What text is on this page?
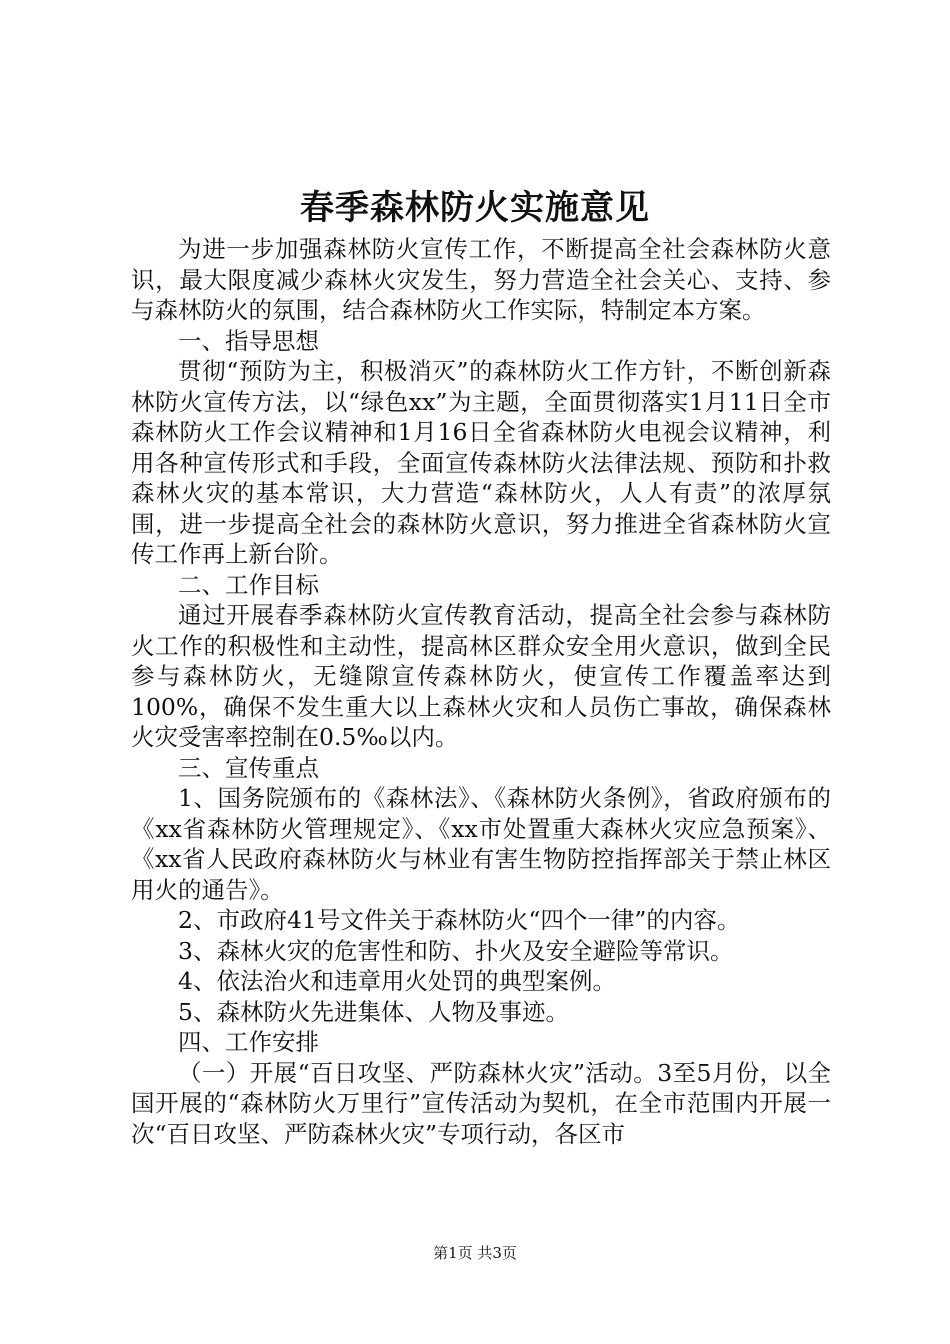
春季森林防火实施意见

为进一步加强森林防火宣传工作，不断提高全社会森林防火意识，最大限度减少森林火灾发生，努力营造全社会关心、支持、参与森林防火的氛围，结合森林防火工作实际，特制定本方案。

一、指导思想

贯彻“预防为主，积极消灭”的森林防火工作方针，不断创新森林防火宣传方法，以“绿色xx”为主题，全面贯彻落实1月11日全市森林防火工作会议精神和1月16日全省森林防火电视会议精神，利用各种宣传形式和手段，全面宣传森林防火法律法规、预防和扑救森林火灾的基本常识，大力营造“森林防火，人人有责”的浓厚氛围，进一步提高全社会的森林防火意识，努力推进全省森林防火宣传工作再上新台阶。

二、工作目标

通过开展春季森林防火宣传教育活动，提高全社会参与森林防火工作的积极性和主动性，提高林区群众安全用火意识，做到全民参与森林防火，无缝隙宣传森林防火，使宣传工作覆盖率达到100%，确保不发生重大以上森林火灾和人员伤亡事故，确保森林火灾受害率控制在0.5‰以内。

三、宣传重点

1、国务院颁布的《森林法》、《森林防火条例》，省政府颁布的《xx省森林防火管理规定》、《xx市处置重大森林火灾应急预案》、《xx省人民政府森林防火与林业有害生物防控指挥部关于禁止林区用火的通告》。

2、市政府41号文件关于森林防火“四个一律”的内容。

3、森林火灾的危害性和防、扑火及安全避险等常识。

4、依法治火和违章用火处罚的典型案例。

5、森林防火先进集体、人物及事迹。

四、工作安排

（一）开展“百日攻坚、严防森林火灾”活动。3至5月份，以全国开展的“森林防火万里行”宣传活动为契机，在全市范围内开展一次“百日攻坚、严防森林火灾”专项行动，各区市

第1页 共3页
